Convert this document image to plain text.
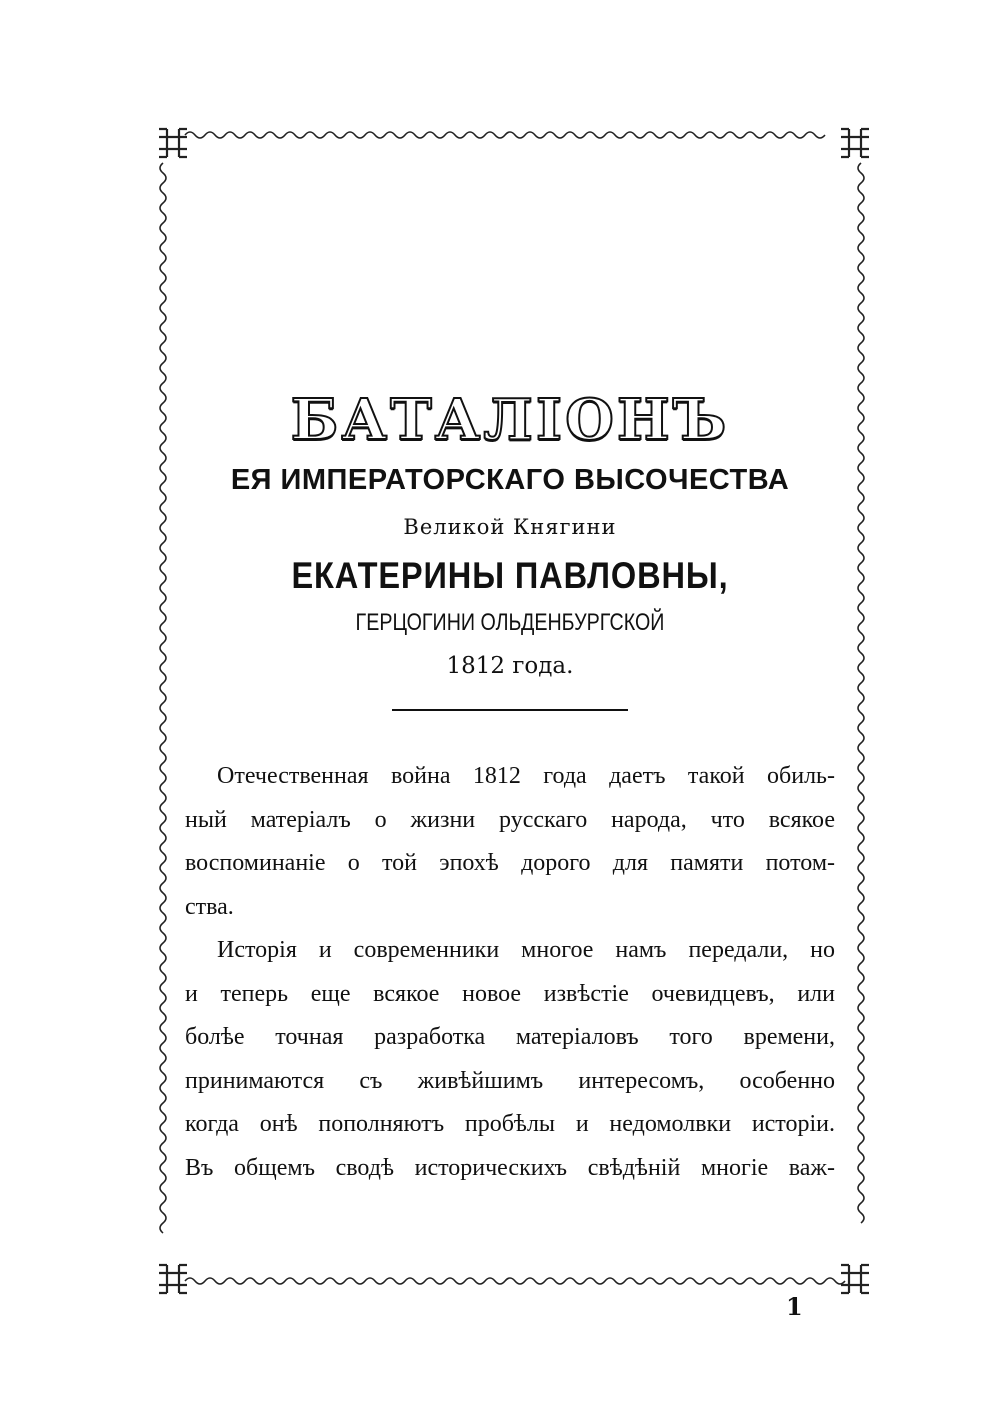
БАТАЛІОНЪ
ЕЯ ИМПЕРАТОРСКАГО ВЫСОЧЕСТВА
Великой Княгини
ЕКАТЕРИНЫ ПАВЛОВНЫ,
ГЕРЦОГИНИ ОЛЬДЕНБУРГСКОЙ
1812 года.

Отечественная война 1812 года даетъ такой обиль-
ный матеріалъ о жизни русскаго народа, что всякое
воспоминаніе о той эпохѣ дорого для памяти потом-
ства.

Исторія и современники многое намъ передали, но
и теперь еще всякое новое извѣстіе очевидцевъ, или
болѣе точная разработка матеріаловъ того времени,
принимаются съ живѣйшимъ интересомъ, особенно
когда онѣ пополняютъ пробѣлы и недомолвки исторіи.
Въ общемъ сводѣ историческихъ свѣдѣній многіе важ-

1
